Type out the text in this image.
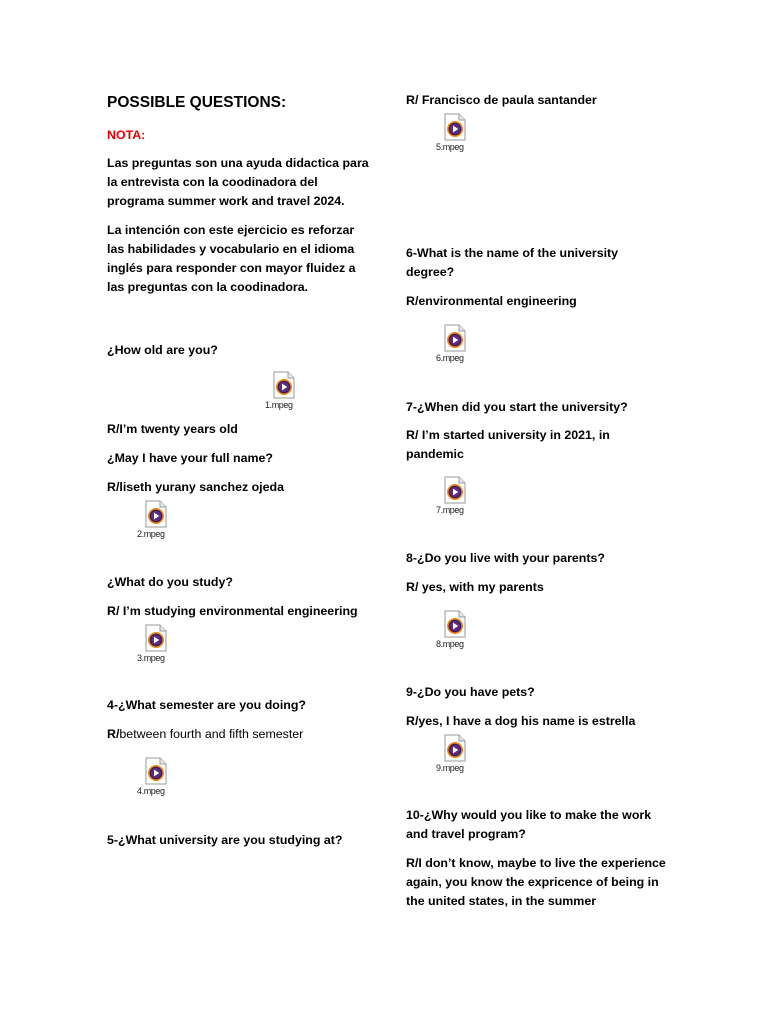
POSSIBLE QUESTIONS:
NOTA:
Las preguntas son una ayuda didactica para la entrevista con la coodinadora del programa summer work and travel 2024.
La intención con este ejercicio es reforzar las habilidades y vocabulario en el idioma inglés para responder con mayor fluidez a las preguntas con la coodinadora.
¿How old are you?
1.mpeg
R/I’m twenty years old
¿May I have your full name?
R/liseth yurany sanchez ojeda
2.mpeg
¿What do you study?
R/ I’m studying environmental engineering
3.mpeg
4-¿What semester are you doing?
R/between fourth and fifth semester
4.mpeg
5-¿What university are you studying at?
R/ Francisco de paula santander
5.mpeg
6-What is the name of the university degree?
R/environmental engineering
6.mpeg
7-¿When did you start the university?
R/ I’m started university in 2021, in pandemic
7.mpeg
8-¿Do you live with your parents?
R/ yes, with my parents
8.mpeg
9-¿Do you have pets?
R/yes, I have a dog his name is estrella
9.mpeg
10-¿Why would you like to make the work and travel program?
R/I don’t know, maybe to live the experience again, you know the expricence of being in the united states, in the summer
